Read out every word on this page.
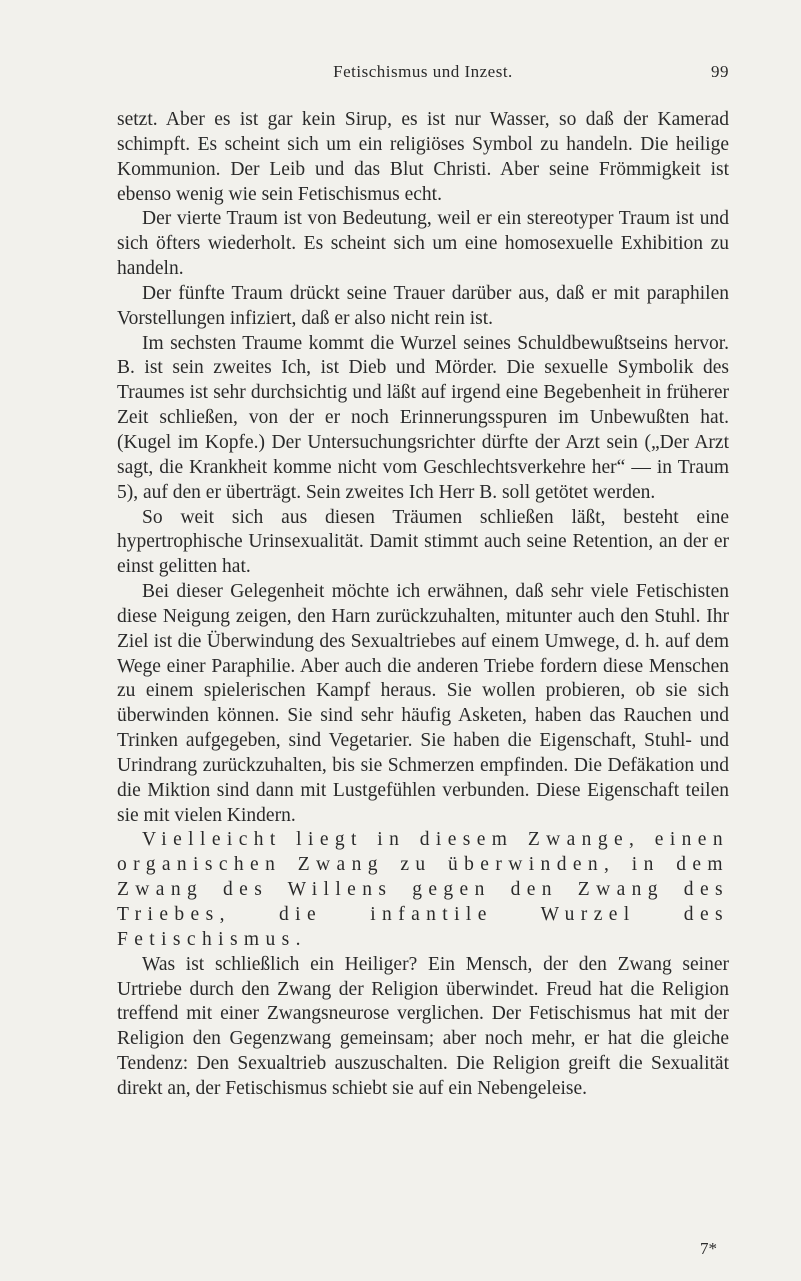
Fetischismus und Inzest.	99

setzt. Aber es ist gar kein Sirup, es ist nur Wasser, so daß der Kamerad schimpft. Es scheint sich um ein religiöses Symbol zu handeln. Die heilige Kommunion. Der Leib und das Blut Christi. Aber seine Frömmigkeit ist ebenso wenig wie sein Fetischismus echt.

Der vierte Traum ist von Bedeutung, weil er ein stereotyper Traum ist und sich öfters wiederholt. Es scheint sich um eine homosexuelle Exhibition zu handeln.

Der fünfte Traum drückt seine Trauer darüber aus, daß er mit paraphilen Vorstellungen infiziert, daß er also nicht rein ist.

Im sechsten Traume kommt die Wurzel seines Schuldbewußtseins hervor. B. ist sein zweites Ich, ist Dieb und Mörder. Die sexuelle Symbolik des Traumes ist sehr durchsichtig und läßt auf irgend eine Begebenheit in früherer Zeit schließen, von der er noch Erinnerungsspuren im Unbewußten hat. (Kugel im Kopfe.) Der Untersuchungsrichter dürfte der Arzt sein („Der Arzt sagt, die Krankheit komme nicht vom Geschlechtsverkehre her“ — in Traum 5), auf den er überträgt. Sein zweites Ich Herr B. soll getötet werden.

So weit sich aus diesen Träumen schließen läßt, besteht eine hypertrophische Urinsexualität. Damit stimmt auch seine Retention, an der er einst gelitten hat.

Bei dieser Gelegenheit möchte ich erwähnen, daß sehr viele Fetischisten diese Neigung zeigen, den Harn zurückzuhalten, mitunter auch den Stuhl. Ihr Ziel ist die Überwindung des Sexualtriebes auf einem Umwege, d. h. auf dem Wege einer Paraphilie. Aber auch die anderen Triebe fordern diese Menschen zu einem spielerischen Kampf heraus. Sie wollen probieren, ob sie sich überwinden können. Sie sind sehr häufig Asketen, haben das Rauchen und Trinken aufgegeben, sind Vegetarier. Sie haben die Eigenschaft, Stuhl- und Urindrang zurückzuhalten, bis sie Schmerzen empfinden. Die Defäkation und die Miktion sind dann mit Lustgefühlen verbunden. Diese Eigenschaft teilen sie mit vielen Kindern.

Vielleicht liegt in diesem Zwange, einen organischen Zwang zu überwinden, in dem Zwang des Willens gegen den Zwang des Triebes, die infantile Wurzel des Fetischismus.

Was ist schließlich ein Heiliger? Ein Mensch, der den Zwang seiner Urtriebe durch den Zwang der Religion überwindet. Freud hat die Religion treffend mit einer Zwangsneurose verglichen. Der Fetischismus hat mit der Religion den Gegenzwang gemeinsam; aber noch mehr, er hat die gleiche Tendenz: Den Sexualtrieb auszuschalten. Die Religion greift die Sexualität direkt an, der Fetischismus schiebt sie auf ein Nebengeleise.

7*
